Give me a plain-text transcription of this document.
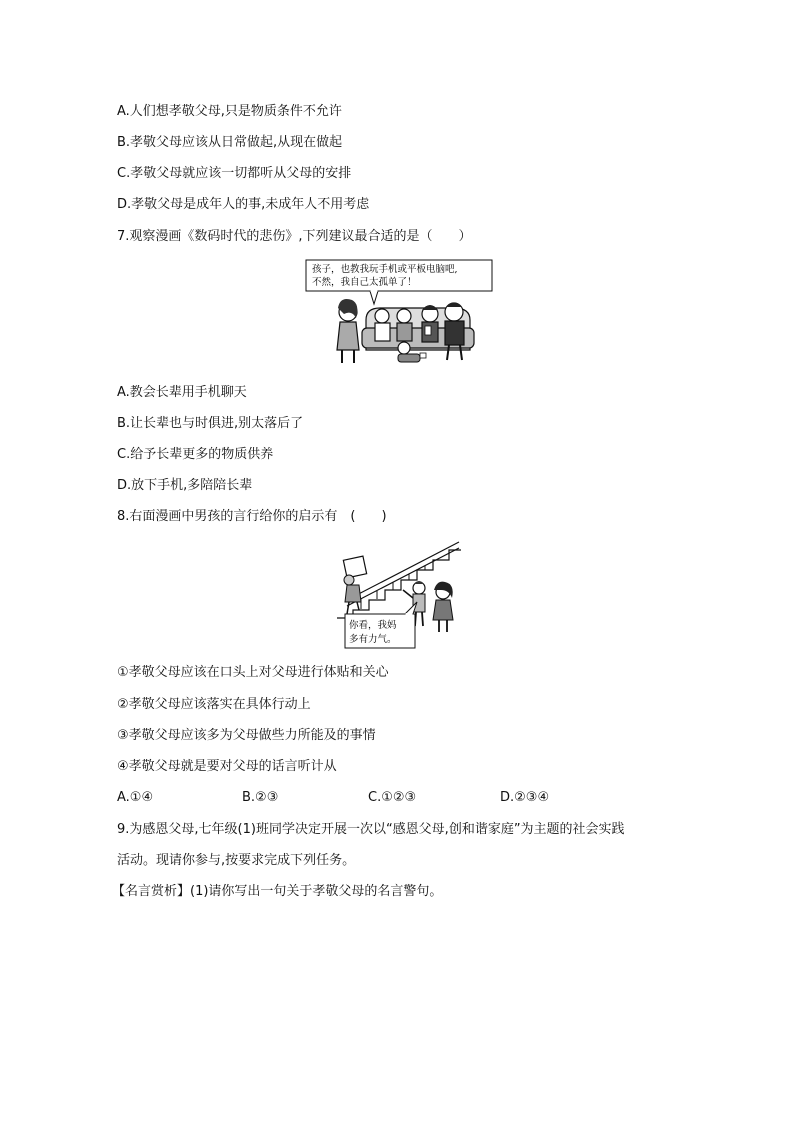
A.人们想孝敬父母,只是物质条件不允许
B.孝敬父母应该从日常做起,从现在做起
C.孝敬父母就应该一切都听从父母的安排
D.孝敬父母是成年人的事,未成年人不用考虑
7.观察漫画《数码时代的悲伤》,下列建议最合适的是（　　）
孩子，也教我玩手机或平板电脑吧,
不然，我自己太孤单了！
A.教会长辈用手机聊天
B.让长辈也与时俱进,别太落后了
C.给予长辈更多的物质供养
D.放下手机,多陪陪长辈
8.右面漫画中男孩的言行给你的启示有　(　　)
你看，我妈
多有力气。
①孝敬父母应该在口头上对父母进行体贴和关心
②孝敬父母应该落实在具体行动上
③孝敬父母应该多为父母做些力所能及的事情
④孝敬父母就是要对父母的话言听计从
A.①④	B.②③	C.①②③	D.②③④
9.为感恩父母,七年级(1)班同学决定开展一次以“感恩父母,创和谐家庭”为主题的社会实践
活动。现请你参与,按要求完成下列任务。
【名言赏析】(1)请你写出一句关于孝敬父母的名言警句。
